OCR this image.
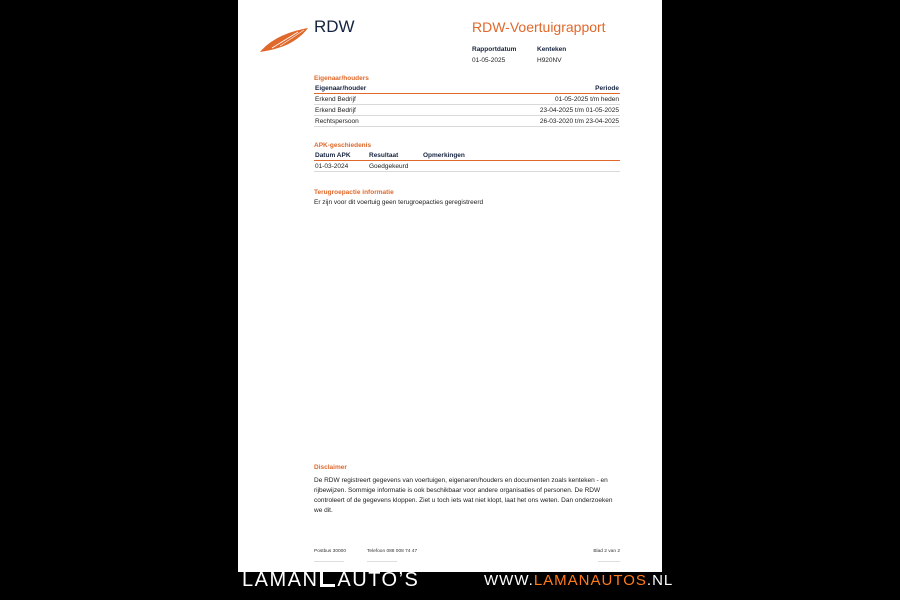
RDW	RDW-Voertuigrapport
Rapportdatum
01-05-2025
Kenteken
H920NV
Eigenaar/houders
Eigenaar/houder	Periode
Erkend Bedrijf	01-05-2025 t/m heden
Erkend Bedrijf	23-04-2025 t/m 01-05-2025
Rechtspersoon	26-03-2020 t/m 23-04-2025
APK-geschiedenis
Datum APK	Resultaat	Opmerkingen
01-03-2024	Goedgekeurd	
Terugroepactie informatie
Er zijn voor dit voertuig geen terugroepacties geregistreerd
Disclaimer
De RDW registreert gegevens van voertuigen, eigenaren/houders en documenten zoals kenteken - en rijbewijzen. Sommige informatie is ook beschikbaar voor andere organisaties of personen. De RDW controleert of de gegevens kloppen. Ziet u toch iets wat niet klopt, laat het ons weten. Dan onderzoeken we dit.
Postbus 30000	Telefoon 088 008 74 47	Blad 2 van 2
LAMAN AUTO’S	WWW.LAMANAUTOS.NL
